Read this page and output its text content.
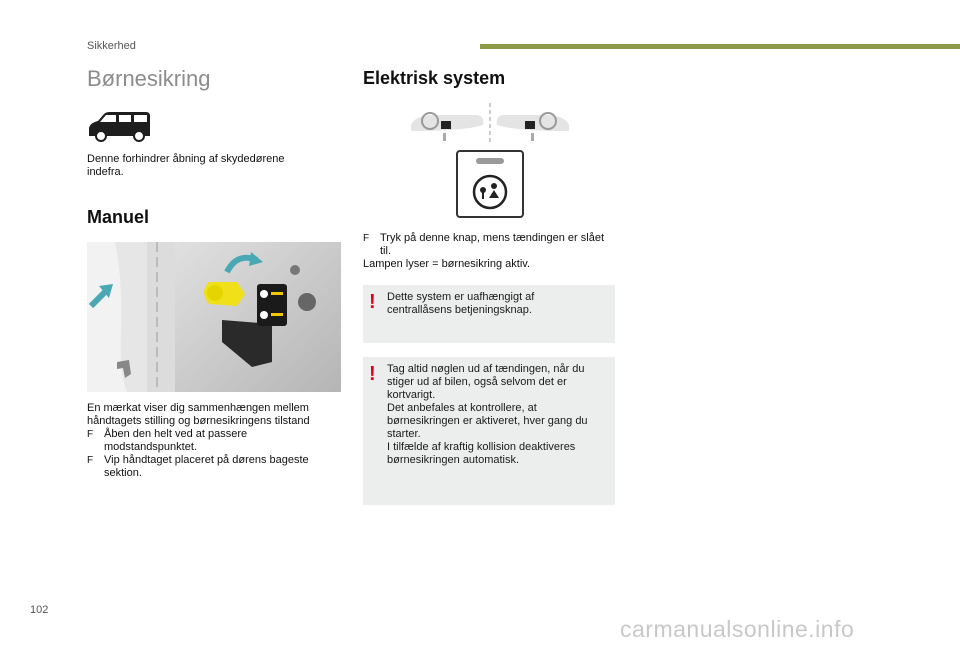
Sikkerhed
Børnesikring
Denne forhindrer åbning af skydedørene indefra.
Manuel
En mærkat viser dig sammenhængen mellem håndtagets stilling og børnesikringens tilstand
F Åben den helt ved at passere modstandspunktet.
F Vip håndtaget placeret på dørens bageste sektion.
Elektrisk system
F Tryk på denne knap, mens tændingen er slået til.
Lampen lyser = børnesikring aktiv.
! Dette system er uafhængigt af centrallåsens betjeningsknap.
! Tag altid nøglen ud af tændingen, når du stiger ud af bilen, også selvom det er kortvarigt.
Det anbefales at kontrollere, at børnesikringen er aktiveret, hver gang du starter.
I tilfælde af kraftig kollision deaktiveres børnesikringen automatisk.
102
carmanualsonline.info
